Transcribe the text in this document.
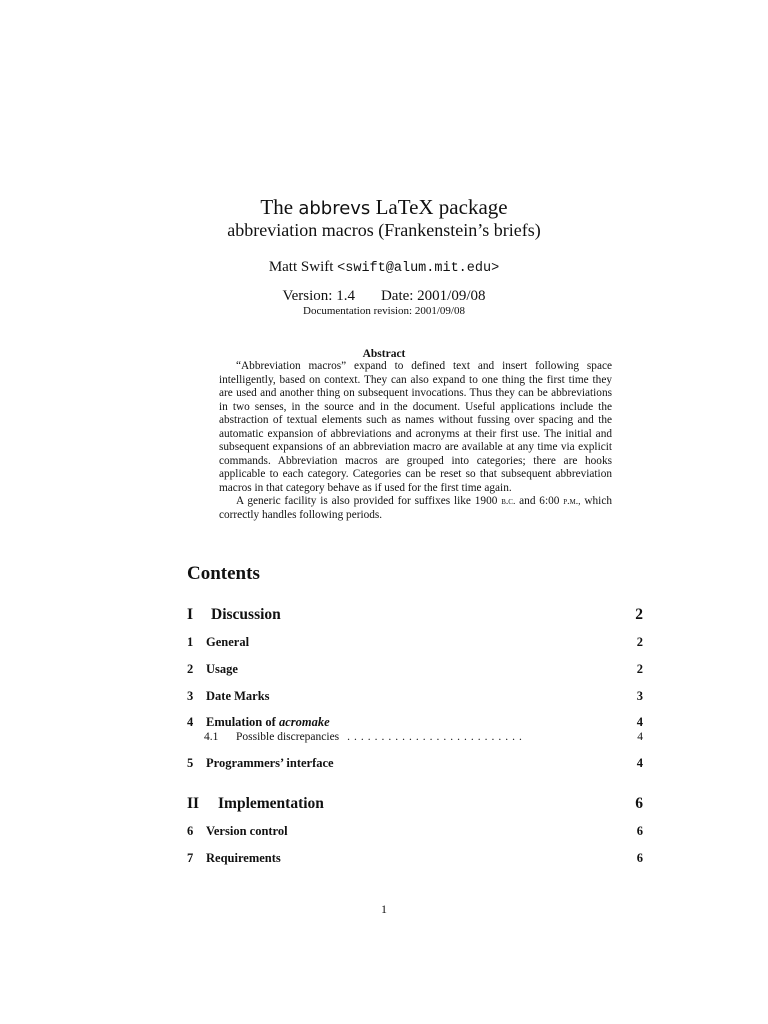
The abbrevs LaTeX package
abbreviation macros (Frankenstein’s briefs)
Matt Swift <swift@alum.mit.edu>
Version: 1.4 Date: 2001/09/08
Documentation revision: 2001/09/08
Abstract

“Abbreviation macros” expand to defined text and insert following space intelligently, based on context. They can also expand to one thing the first time they are used and another thing on subsequent invocations. Thus they can be abbreviations in two senses, in the source and in the document. Useful applications include the abstraction of textual elements such as names without fussing over spacing and the automatic expansion of abbreviations and acronyms at their first use. The initial and subsequent expansions of an abbreviation macro are available at any time via explicit commands. Abbreviation macros are grouped into categories; there are hooks applicable to each category. Categories can be reset so that subsequent abbreviation macros in that category behave as if used for the first time again.

A generic facility is also provided for suffixes like 1900 b.c. and 6:00 p.m., which correctly handles following periods.

Contents
I	Discussion	2
1	General	2
2	Usage	2
3	Date Marks	3
4	Emulation of acromake	4
4.1	Possible discrepancies ..........................	4
5	Programmers’ interface	4
II	Implementation	6
6	Version control	6
7	Requirements	6
1
